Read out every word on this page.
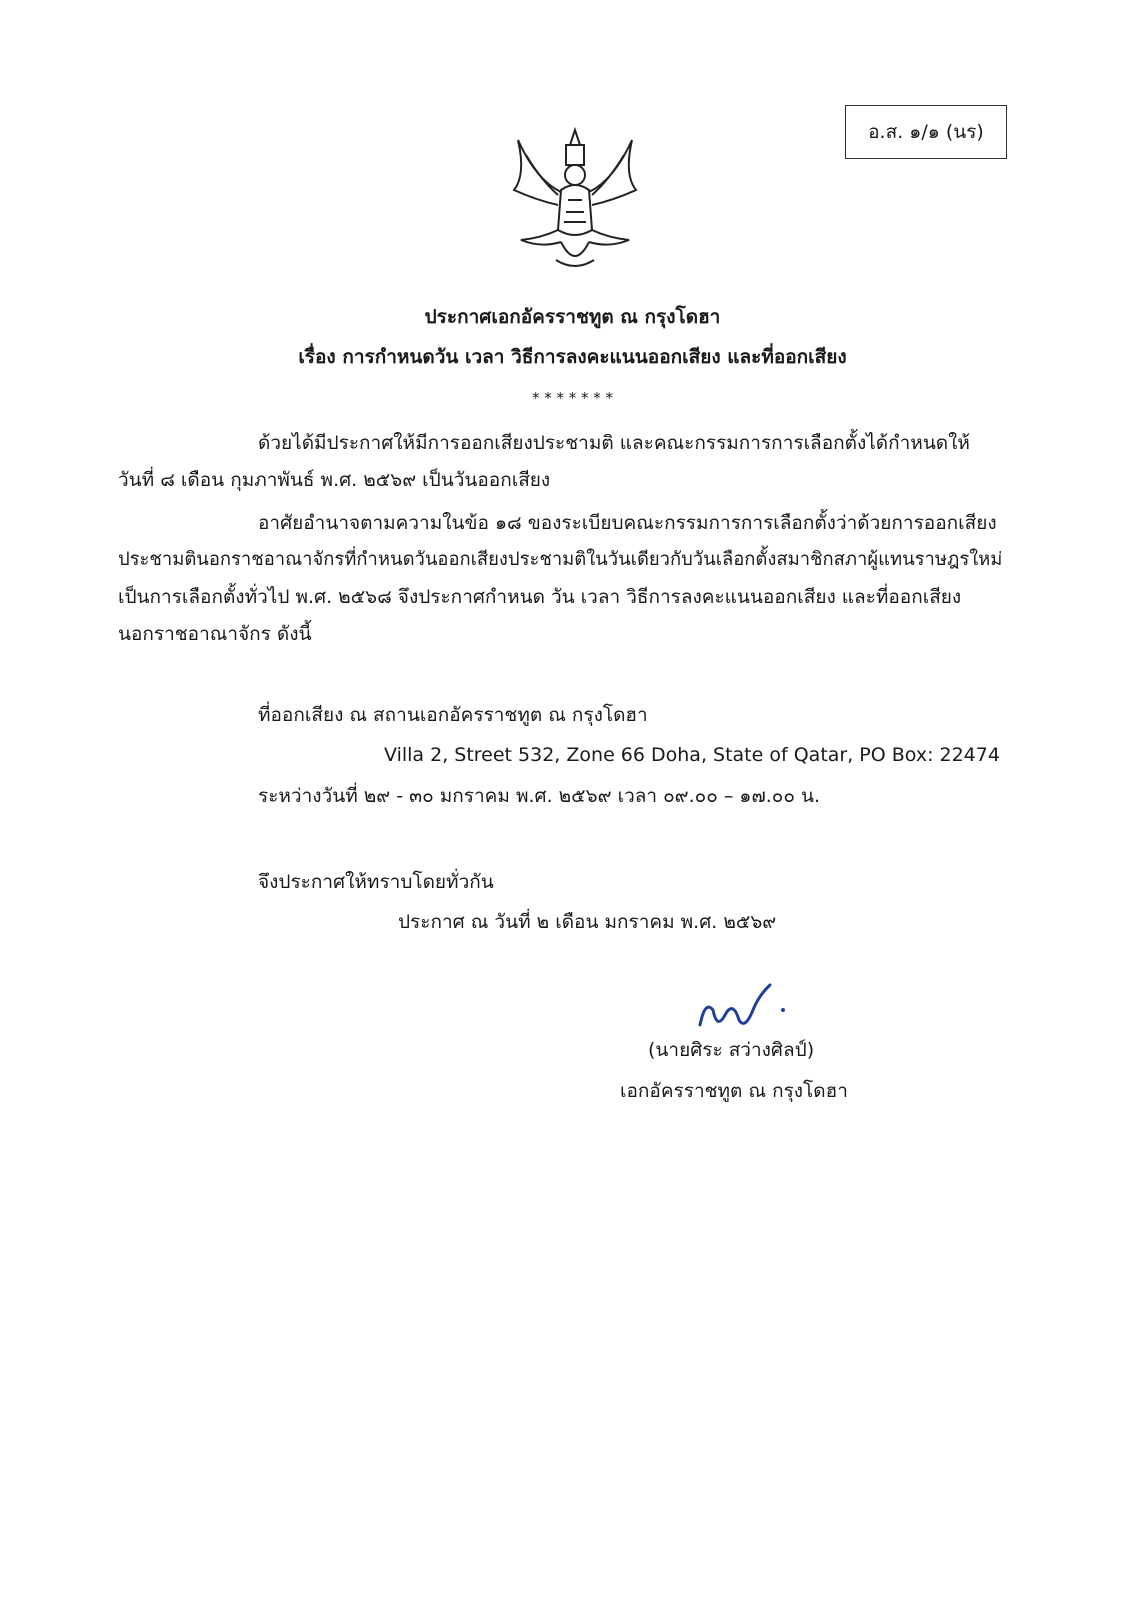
อ.ส. ๑/๑ (นร)
ประกาศเอกอัครราชทูต ณ กรุงโดฮา
เรื่อง การกำหนดวัน เวลา วิธีการลงคะแนนออกเสียง และที่ออกเสียง
* * * * * * *
ด้วยได้มีประกาศให้มีการออกเสียงประชามติ และคณะกรรมการการเลือกตั้งได้กำหนดให้
วันที่ ๘ เดือน กุมภาพันธ์ พ.ศ. ๒๕๖๙ เป็นวันออกเสียง
อาศัยอำนาจตามความในข้อ ๑๘ ของระเบียบคณะกรรมการการเลือกตั้งว่าด้วยการออกเสียง
ประชามตินอกราชอาณาจักรที่กำหนดวันออกเสียงประชามติในวันเดียวกับวันเลือกตั้งสมาชิกสภาผู้แทนราษฎรใหม่
เป็นการเลือกตั้งทั่วไป พ.ศ. ๒๕๖๘ จึงประกาศกำหนด วัน เวลา วิธีการลงคะแนนออกเสียง และที่ออกเสียง
นอกราชอาณาจักร ดังนี้
ที่ออกเสียง ณ สถานเอกอัครราชทูต ณ กรุงโดฮา
Villa 2, Street 532, Zone 66 Doha, State of Qatar, PO Box: 22474
ระหว่างวันที่ ๒๙ - ๓๐ มกราคม พ.ศ. ๒๕๖๙ เวลา ๐๙.๐๐ – ๑๗.๐๐ น.
จึงประกาศให้ทราบโดยทั่วกัน
ประกาศ ณ วันที่ ๒ เดือน มกราคม พ.ศ. ๒๕๖๙
(นายศิระ สว่างศิลป์)
เอกอัครราชทูต ณ กรุงโดฮา
